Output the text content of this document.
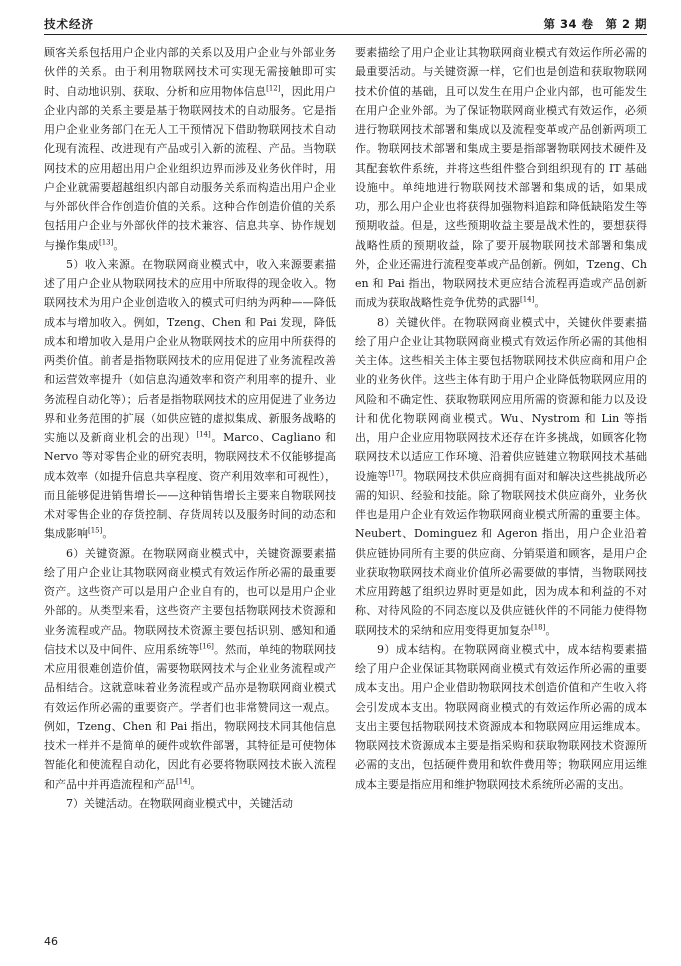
技术经济	第 34 卷　第 2 期

顾客关系包括用户企业内部的关系以及用户企业与外部业务伙伴的关系。由于利用物联网技术可实现无需接触即可实时、自动地识别、获取、分析和应用物体信息[12]，因此用户企业内部的关系主要是基于物联网技术的自动服务。它是指用户企业业务部门在无人工干预情况下借助物联网技术自动化现有流程、改进现有产品或引入新的流程、产品。当物联网技术的应用超出用户企业组织边界而涉及业务伙伴时，用户企业就需要超越组织内部自动服务关系而构造出用户企业与外部伙伴合作创造价值的关系。这种合作创造价值的关系包括用户企业与外部伙伴的技术兼容、信息共享、协作规划与操作集成[13]。

5）收入来源。在物联网商业模式中，收入来源要素描述了用户企业从物联网技术的应用中所取得的现金收入。物联网技术为用户企业创造收入的模式可归纳为两种——降低成本与增加收入。例如，Tzeng、Chen 和 Pai 发现，降低成本和增加收入是用户企业从物联网技术的应用中所获得的两类价值。前者是指物联网技术的应用促进了业务流程改善和运营效率提升（如信息沟通效率和资产利用率的提升、业务流程自动化等）；后者是指物联网技术的应用促进了业务边界和业务范围的扩展（如供应链的虚拟集成、新服务战略的实施以及新商业机会的出现）[14]。Marco、Cagliano 和 Nervo 等对零售企业的研究表明，物联网技术不仅能够提高成本效率（如提升信息共享程度、资产利用效率和可视性），而且能够促进销售增长——这种销售增长主要来自物联网技术对零售企业的存货控制、存货周转以及服务时间的动态和集成影响[15]。

6）关键资源。在物联网商业模式中，关键资源要素描绘了用户企业让其物联网商业模式有效运作所必需的最重要资产。这些资产可以是用户企业自有的，也可以是用户企业外部的。从类型来看，这些资产主要包括物联网技术资源和业务流程或产品。物联网技术资源主要包括识别、感知和通信技术以及中间件、应用系统等[16]。然而，单纯的物联网技术应用很难创造价值，需要物联网技术与企业业务流程或产品相结合。这就意味着业务流程或产品亦是物联网商业模式有效运作所必需的重要资产。学者们也非常赞同这一观点。例如，Tzeng、Chen 和 Pai 指出，物联网技术同其他信息技术一样并不是简单的硬件或软件部署，其特征是可使物体智能化和使流程自动化，因此有必要将物联网技术嵌入流程和产品中并再造流程和产品[14]。

7）关键活动。在物联网商业模式中，关键活动

要素描绘了用户企业让其物联网商业模式有效运作所必需的最重要活动。与关键资源一样，它们也是创造和获取物联网技术价值的基础，且可以发生在用户企业内部，也可能发生在用户企业外部。为了保证物联网商业模式有效运作，必须进行物联网技术部署和集成以及流程变革或产品创新两项工作。物联网技术部署和集成主要是指部署物联网技术硬件及其配套软件系统，并将这些组件整合到组织现有的 IT 基础设施中。单纯地进行物联网技术部署和集成的话，如果成功，那么用户企业也将获得加强物料追踪和降低缺陷发生等预期收益。但是，这些预期收益主要是战术性的，要想获得战略性质的预期收益，除了要开展物联网技术部署和集成外，企业还需进行流程变革或产品创新。例如，Tzeng、Chen 和 Pai 指出，物联网技术更应结合流程再造或产品创新而成为获取战略性竞争优势的武器[14]。

8）关键伙伴。在物联网商业模式中，关键伙伴要素描绘了用户企业让其物联网商业模式有效运作所必需的其他相关主体。这些相关主体主要包括物联网技术供应商和用户企业的业务伙伴。这些主体有助于用户企业降低物联网应用的风险和不确定性、获取物联网应用所需的资源和能力以及设计和优化物联网商业模式。Wu、Nystrom 和 Lin 等指出，用户企业应用物联网技术还存在许多挑战，如顾客化物联网技术以适应工作环境、沿着供应链建立物联网技术基础设施等[17]。物联网技术供应商拥有面对和解决这些挑战所必需的知识、经验和技能。除了物联网技术供应商外，业务伙伴也是用户企业有效运作物联网商业模式所需的重要主体。Neubert、Dominguez 和 Ageron 指出，用户企业沿着供应链协同所有主要的供应商、分销渠道和顾客，是用户企业获取物联网技术商业价值所必需要做的事情，当物联网技术应用跨越了组织边界时更是如此，因为成本和利益的不对称、对待风险的不同态度以及供应链伙伴的不同能力使得物联网技术的采纳和应用变得更加复杂[18]。

9）成本结构。在物联网商业模式中，成本结构要素描绘了用户企业保证其物联网商业模式有效运作所必需的重要成本支出。用户企业借助物联网技术创造价值和产生收入将会引发成本支出。物联网商业模式的有效运作所必需的成本支出主要包括物联网技术资源成本和物联网应用运维成本。物联网技术资源成本主要是指采购和获取物联网技术资源所必需的支出，包括硬件费用和软件费用等；物联网应用运维成本主要是指应用和维护物联网技术系统所必需的支出。

46
